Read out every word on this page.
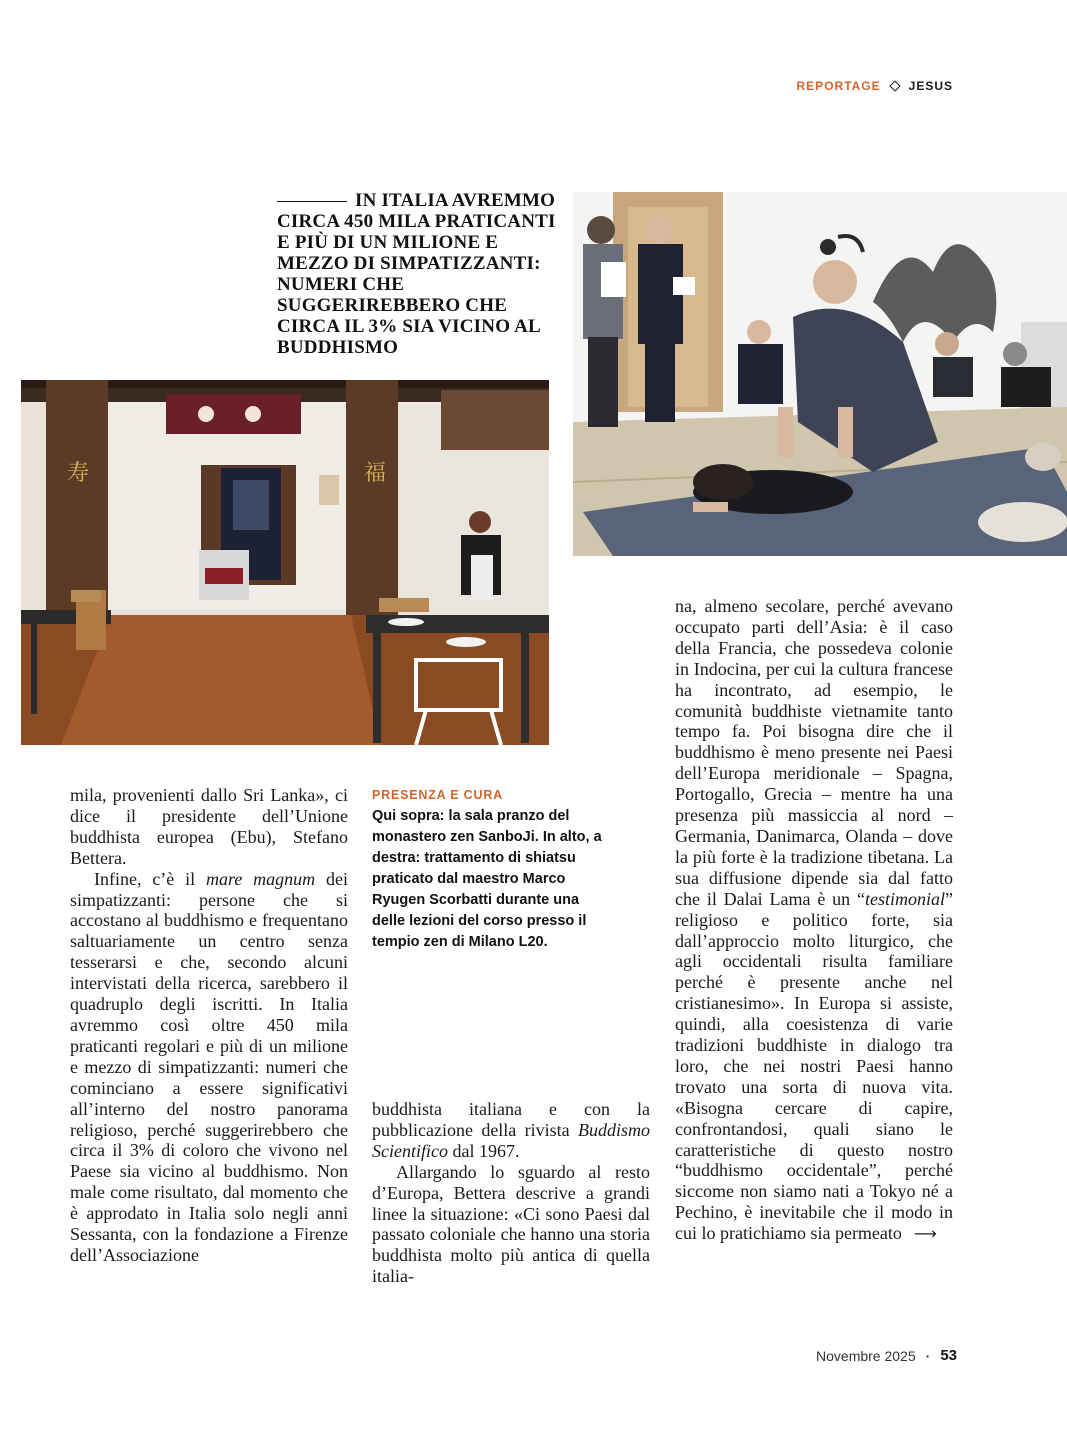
REPORTAGE JESUS
IN ITALIA AVREMMO CIRCA 450 MILA PRATICANTI E PIÙ DI UN MILIONE E MEZZO DI SIMPATIZZANTI: NUMERI CHE SUGGERIREBBERO CHE CIRCA IL 3% SIA VICINO AL BUDDHISMO
寿	福

mila, provenienti dallo Sri Lanka», ci dice il presidente dell’Unione buddhista europea (Ebu), Stefano Bettera.

Infine, c’è il mare magnum dei simpatizzanti: persone che si accostano al buddhismo e frequentano saltuariamente un centro senza tesserarsi e che, secondo alcuni intervistati della ricerca, sarebbero il quadruplo degli iscritti. In Italia avremmo così oltre 450 mila praticanti regolari e più di un milione e mezzo di simpatizzanti: numeri che cominciano a essere significativi all’interno del nostro panorama religioso, perché suggerirebbero che circa il 3% di coloro che vivono nel Paese sia vicino al buddhismo. Non male come risultato, dal momento che è approdato in Italia solo negli anni Sessanta, con la fondazione a Firenze dell’Associazione

PRESENZA E CURA
Qui sopra: la sala pranzo del monastero zen SanboJi. In alto, a destra: trattamento di shiatsu praticato dal maestro Marco Ryugen Scorbatti durante una delle lezioni del corso presso il tempio zen di Milano L20.

buddhista italiana e con la pubblicazione della rivista Buddismo Scientifico dal 1967.

Allargando lo sguardo al resto d’Europa, Bettera descrive a grandi linee la situazione: «Ci sono Paesi dal passato coloniale che hanno una storia buddhista molto più antica di quella italia-

na, almeno secolare, perché avevano occupato parti dell’Asia: è il caso della Francia, che possedeva colonie in Indocina, per cui la cultura francese ha incontrato, ad esempio, le comunità buddhiste vietnamite tanto tempo fa. Poi bisogna dire che il buddhismo è meno presente nei Paesi dell’Europa meridionale – Spagna, Portogallo, Grecia – mentre ha una presenza più massiccia al nord – Germania, Danimarca, Olanda – dove la più forte è la tradizione tibetana. La sua diffusione dipende sia dal fatto che il Dalai Lama è un “testimonial” religioso e politico forte, sia dall’approccio molto liturgico, che agli occidentali risulta familiare perché è presente anche nel cristianesimo». In Europa si assiste, quindi, alla coesistenza di varie tradizioni buddhiste in dialogo tra loro, che nei nostri Paesi hanno trovato una sorta di nuova vita. «Bisogna cercare di capire, confrontandosi, quali siano le caratteristiche di questo nostro “buddhismo occidentale”, perché siccome non siamo nati a Tokyo né a Pechino, è inevitabile che il modo in cui lo pratichiamo sia permeato ⟶

Novembre 2025 · 53
